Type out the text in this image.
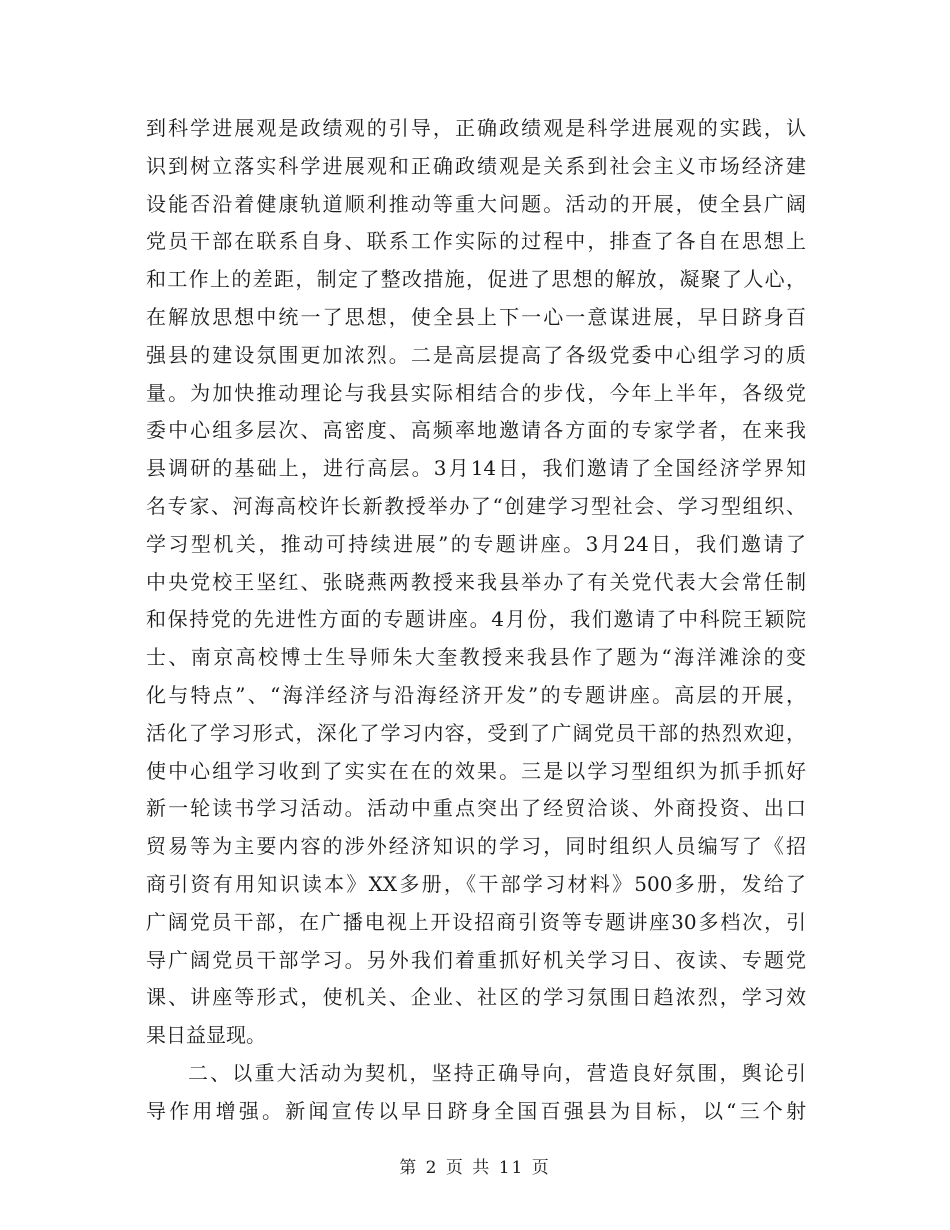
到科学进展观是政绩观的引导，正确政绩观是科学进展观的实践，认
识到树立落实科学进展观和正确政绩观是关系到社会主义市场经济建
设能否沿着健康轨道顺利推动等重大问题。活动的开展，使全县广阔
党员干部在联系自身、联系工作实际的过程中，排查了各自在思想上
和工作上的差距，制定了整改措施，促进了思想的解放，凝聚了人心，
在解放思想中统一了思想，使全县上下一心一意谋进展，早日跻身百
强县的建设氛围更加浓烈。二是高层提高了各级党委中心组学习的质
量。为加快推动理论与我县实际相结合的步伐，今年上半年，各级党
委中心组多层次、高密度、高频率地邀请各方面的专家学者，在来我
县调研的基础上，进行高层。3月14日，我们邀请了全国经济学界知
名专家、河海高校许长新教授举办了“创建学习型社会、学习型组织、
学习型机关，推动可持续进展”的专题讲座。3月24日，我们邀请了
中央党校王坚红、张晓燕两教授来我县举办了有关党代表大会常任制
和保持党的先进性方面的专题讲座。4月份，我们邀请了中科院王颖院
士、南京高校博士生导师朱大奎教授来我县作了题为“海洋滩涂的变
化与特点”、“海洋经济与沿海经济开发”的专题讲座。高层的开展，
活化了学习形式，深化了学习内容，受到了广阔党员干部的热烈欢迎，
使中心组学习收到了实实在在的效果。三是以学习型组织为抓手抓好
新一轮读书学习活动。活动中重点突出了经贸洽谈、外商投资、出口
贸易等为主要内容的涉外经济知识的学习，同时组织人员编写了《招
商引资有用知识读本》XX多册，《干部学习材料》500多册，发给了
广阔党员干部，在广播电视上开设招商引资等专题讲座30多档次，引
导广阔党员干部学习。另外我们着重抓好机关学习日、夜读、专题党
课、讲座等形式，使机关、企业、社区的学习氛围日趋浓烈，学习效
果日益显现。
二、以重大活动为契机，坚持正确导向，营造良好氛围，舆论引
导作用增强。新闻宣传以早日跻身全国百强县为目标，以“三个射
第 2 页 共 11 页
